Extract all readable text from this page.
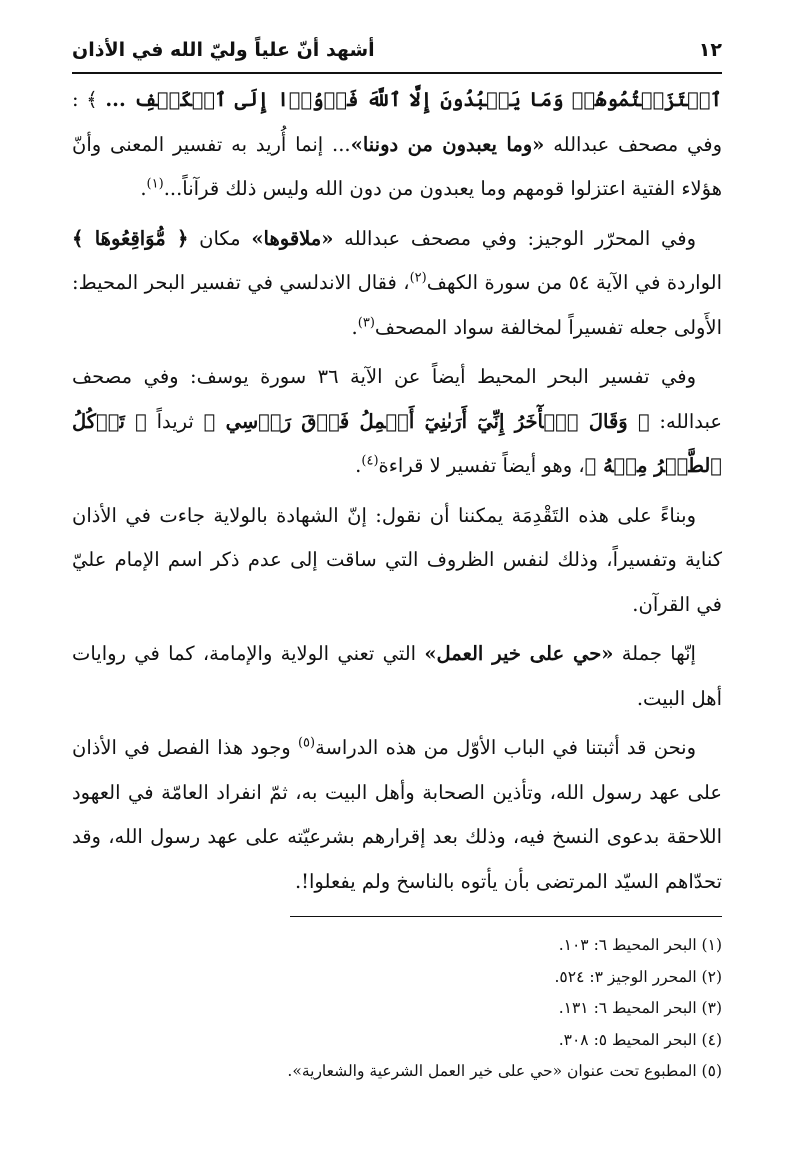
أشهد أنّ علياً وليّ الله في الأذان	١٢

ٱعۡتَزَلۡتُمُوهُمۡ وَمَا يَعۡبُدُونَ إِلَّا ٱللَّهَ فَأۡوُۥٓا إِلَى ٱلۡكَهۡفِ ... ﴾ : وفي مصحف عبدالله «وما يعبدون من دوننا»... إنما أُريد به تفسير المعنى وأنّ هؤلاء الفتية اعتزلوا قومهم وما يعبدون من دون الله وليس ذلك قرآناً...$^{(١)}$.

وفي المحرّر الوجيز: وفي مصحف عبدالله «ملاقوها» مكان ﴿ مُّوَاقِعُوهَا ﴾ الواردة في الآية ٥٤ من سورة الكهف$^{(٢)}$، فقال الاندلسي في تفسير البحر المحيط: الأَولى جعله تفسيراً لمخالفة سواد المصحف$^{(٣)}$.

وفي تفسير البحر المحيط أيضاً عن الآية ٣٦ سورة يوسف: وفي مصحف عبدالله: ﴿ وَقَالَ ٱلۡأٓخَرُ إِنِّيٓ أَرَىٰنِيٓ أَحۡمِلُ فَوۡقَ رَأۡسِي ﴾ ثريداً ﴿ تَأۡكُلُ ٱلطَّيۡرُ مِنۡهُ ﴾، وهو أيضاً تفسير لا قراءة$^{(٤)}$.

وبناءً على هذه التَقْدِمَة يمكننا أن نقول: إنّ الشهادة بالولاية جاءت في الأذان كناية وتفسيراً، وذلك لنفس الظروف التي ساقت إلى عدم ذكر اسم الإمام عليّ في القرآن.

إنّها جملة «حي على خير العمل» التي تعني الولاية والإمامة، كما في روايات أهل البيت.

ونحن قد أثبتنا في الباب الأوّل من هذه الدراسة$^{(٥)}$ وجود هذا الفصل في الأذان على عهد رسول الله، وتأذين الصحابة وأهل البيت به، ثمّ انفراد العامّة في العهود اللاحقة بدعوى النسخ فيه، وذلك بعد إقرارهم بشرعيّته على عهد رسول الله، وقد تحدّاهم السيّد المرتضى بأن يأتوه بالناسخ ولم يفعلوا!.

(١) البحر المحيط ٦: ١٠٣.
(٢) المحرر الوجيز ٣: ٥٢٤.
(٣) البحر المحيط ٦: ١٣١.
(٤) البحر المحيط ٥: ٣٠٨.
(٥) المطبوع تحت عنوان «حي على خير العمل الشرعية والشعارية».
